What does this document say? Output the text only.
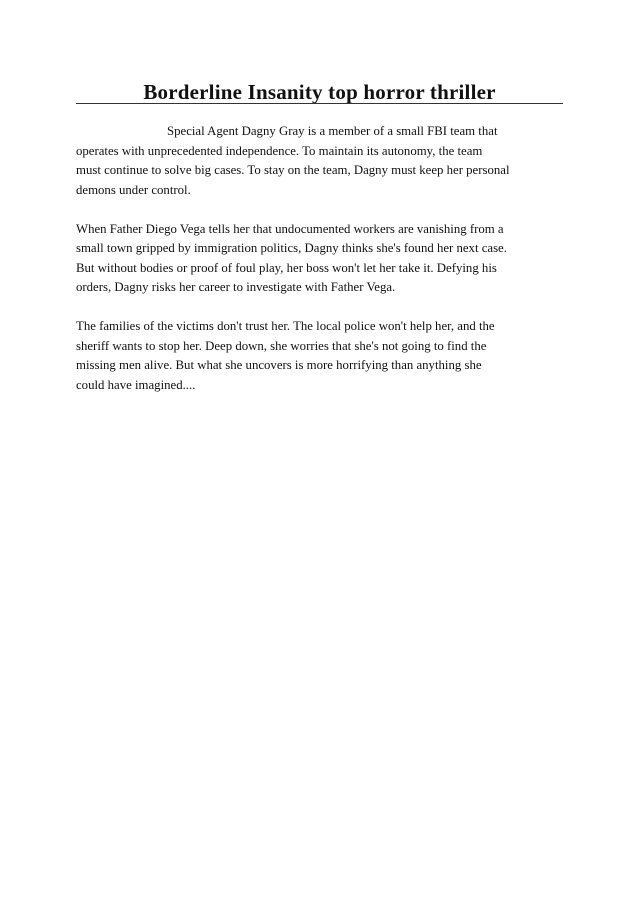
Borderline Insanity top horror thriller

Special Agent Dagny Gray is a member of a small FBI team that
operates with unprecedented independence. To maintain its autonomy, the team
must continue to solve big cases. To stay on the team, Dagny must keep her personal
demons under control.

When Father Diego Vega tells her that undocumented workers are vanishing from a
small town gripped by immigration politics, Dagny thinks she's found her next case.
But without bodies or proof of foul play, her boss won't let her take it. Defying his
orders, Dagny risks her career to investigate with Father Vega.

The families of the victims don't trust her. The local police won't help her, and the
sheriff wants to stop her. Deep down, she worries that she's not going to find the
missing men alive. But what she uncovers is more horrifying than anything she
could have imagined....
